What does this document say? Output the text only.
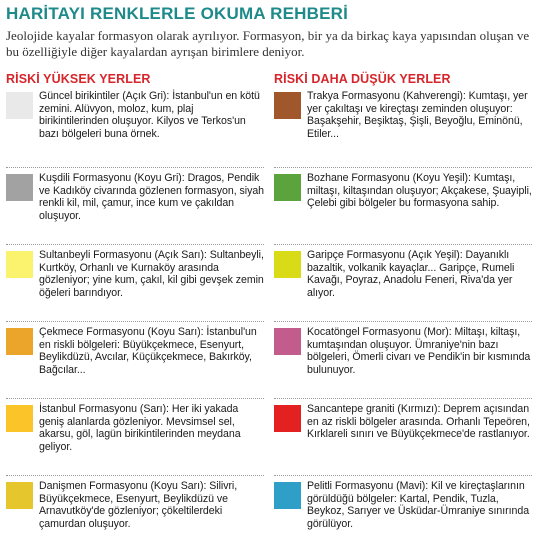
HARİTAYI RENKLERLE OKUMA REHBERİ
Jeolojide kayalar formasyon olarak ayrılıyor. Formasyon, bir ya da birkaç kaya yapısından oluşan ve bu özelliğiyle diğer kayalardan ayrışan birimlere deniyor.
RİSKİ YÜKSEK YERLER	RİSKİ DAHA DÜŞÜK YERLER
Güncel birikintiler (Açık Gri): İstanbul'un en kötü zemini. Alüvyon, moloz, kum, plaj birikintilerinden oluşuyor. Kilyos ve Terkos'un bazı bölgeleri buna örnek.
Kuşdili Formasyonu (Koyu Gri): Dragos, Pendik ve Kadıköy civarında gözlenen formasyon, siyah renkli kil, mil, çamur, ince kum ve çakıldan oluşuyor.
Sultanbeyli Formasyonu (Açık Sarı): Sultanbeyli, Kurtköy, Orhanlı ve Kurnaköy arasında gözleniyor; yine kum, çakıl, kil gibi gevşek zemin öğeleri barındıyor.
Çekmece Formasyonu (Koyu Sarı): İstanbul'un en riskli bölgeleri: Büyükçekmece, Esenyurt, Beylikdüzü, Avcılar, Küçükçekmece, Bakırköy, Bağcılar...
İstanbul Formasyonu (Sarı): Her iki yakada geniş alanlarda gözleniyor. Mevsimsel sel, akarsu, göl, lagün birikintilerinden meydana geliyor.
Danişmen Formasyonu (Koyu Sarı): Silivri, Büyükçekmece, Esenyurt, Beylikdüzü ve Arnavutköy'de gözleniyor; çökeltilerdeki çamurdan oluşuyor.
Trakya Formasyonu (Kahverengi): Kumtaşı, yer yer çakıltaşı ve kireçtaşı zeminden oluşuyor: Başakşehir, Beşiktaş, Şişli, Beyoğlu, Eminönü, Etiler...
Bozhane Formasyonu (Koyu Yeşil): Kumtaşı, miltaşı, kiltaşından oluşuyor; Akçakese, Şuayipli, Çelebi gibi bölgeler bu formasyona sahip.
Garipçe Formasyonu (Açık Yeşil): Dayanıklı bazaltik, volkanik kayaçlar... Garipçe, Rumeli Kavağı, Poyraz, Anadolu Feneri, Riva'da yer alıyor.
Kocatöngel Formasyonu (Mor): Miltaşı, kiltaşı, kumtaşından oluşuyor. Ümraniye'nin bazı bölgeleri, Ömerli civarı ve Pendik'in bir kısmında bulunuyor.
Sancantepe graniti (Kırmızı): Deprem açısından en az riskli bölgeler arasında. Orhanlı Tepeören, Kırklareli sınırı ve Büyükçekmece'de rastlanıyor.
Pelitli Formasyonu (Mavi): Kil ve kireçtaşlarının görüldüğü bölgeler: Kartal, Pendik, Tuzla, Beykoz, Sarıyer ve Üsküdar-Ümraniye sınırında görülüyor.
